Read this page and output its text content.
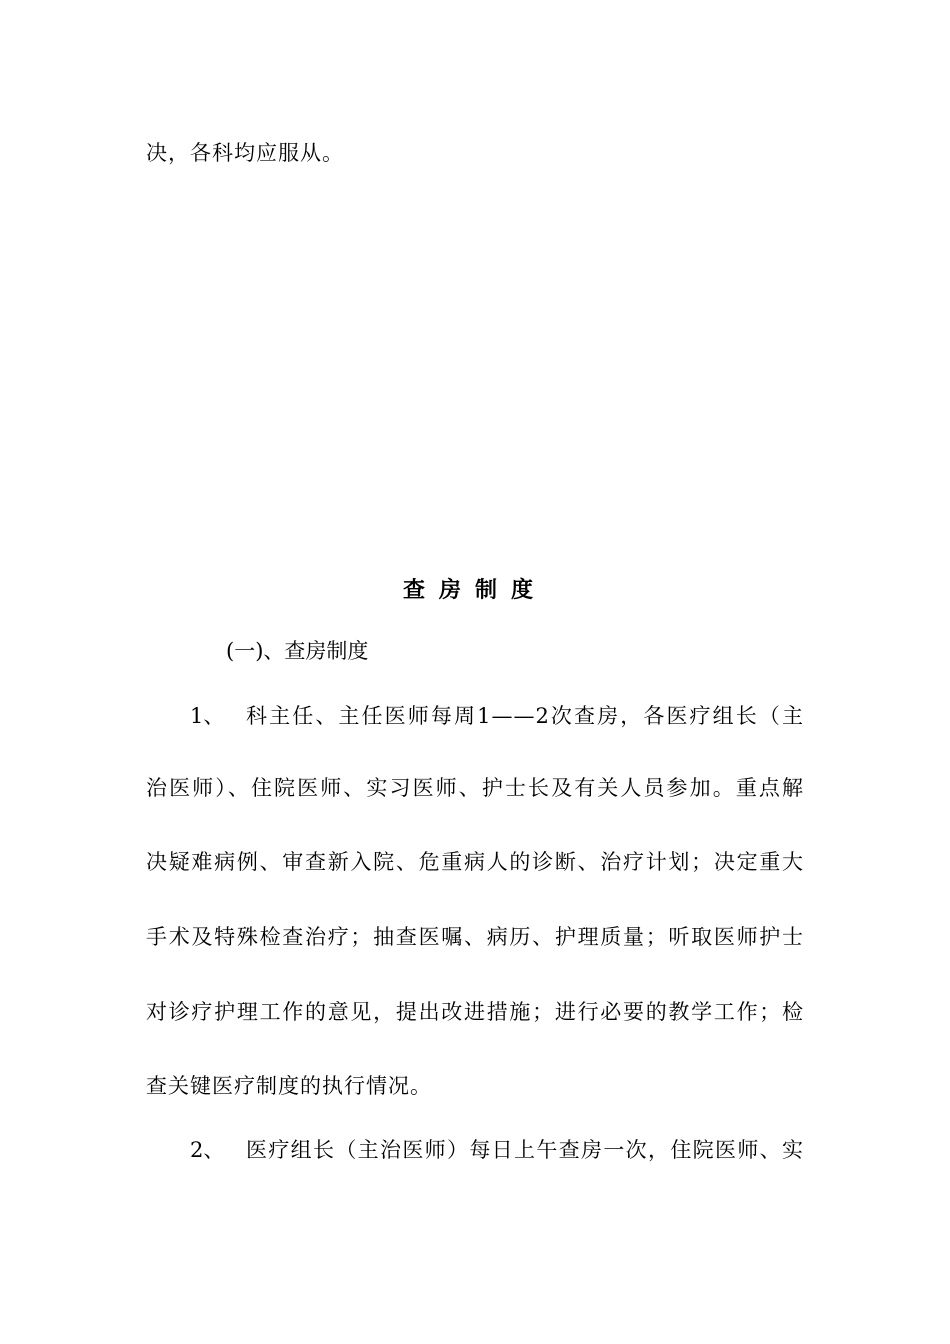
决，各科均应服从。
查房制度
(一)、查房制度
1、 科主任、主任医师每周1——2次查房，各医疗组长（主
治医师）、住院医师、实习医师、护士长及有关人员参加。重点解
决疑难病例、审查新入院、危重病人的诊断、治疗计划；决定重大
手术及特殊检查治疗；抽查医嘱、病历、护理质量；听取医师护士
对诊疗护理工作的意见，提出改进措施；进行必要的教学工作；检
查关键医疗制度的执行情况。
2、 医疗组长（主治医师）每日上午查房一次，住院医师、实
